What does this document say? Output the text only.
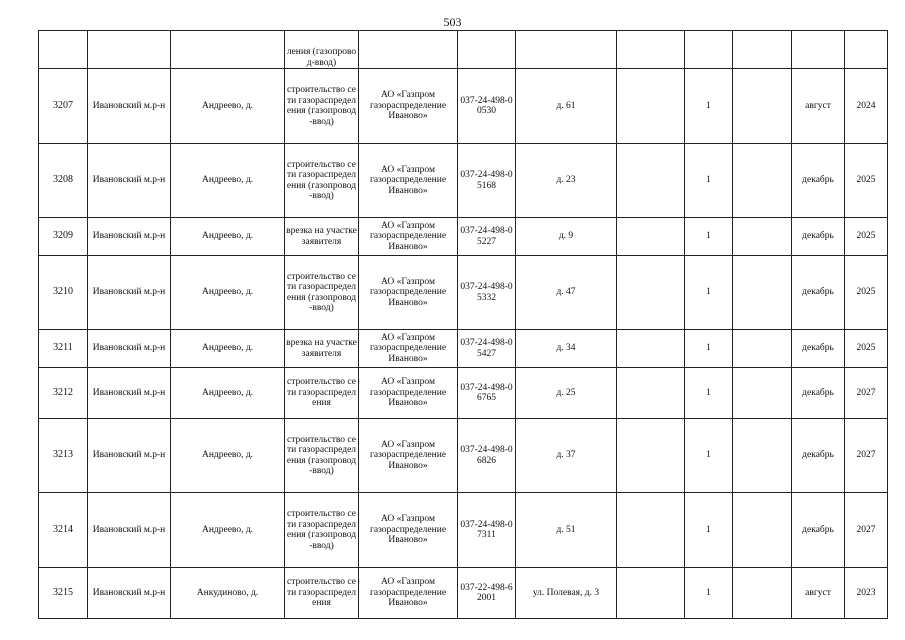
503
			ления (газопровод-ввод)								
3207	Ивановский м.р-н	Андреево, д.	строительство сети газораспределения (газопровод-ввод)	АО «Газпром газораспределение Иваново»	037-24-498-00530	д. 61		1		август	2024
3208	Ивановский м.р-н	Андреево, д.	строительство сети газораспределения (газопровод-ввод)	АО «Газпром газораспределение Иваново»	037-24-498-05168	д. 23		1		декабрь	2025
3209	Ивановский м.р-н	Андреево, д.	врезка на участке заявителя	АО «Газпром газораспределение Иваново»	037-24-498-05227	д. 9		1		декабрь	2025
3210	Ивановский м.р-н	Андреево, д.	строительство сети газораспределения (газопровод-ввод)	АО «Газпром газораспределение Иваново»	037-24-498-05332	д. 47		1		декабрь	2025
3211	Ивановский м.р-н	Андреево, д.	врезка на участке заявителя	АО «Газпром газораспределение Иваново»	037-24-498-05427	д. 34		1		декабрь	2025
3212	Ивановский м.р-н	Андреево, д.	строительство сети газораспределения	АО «Газпром газораспределение Иваново»	037-24-498-06765	д. 25		1		декабрь	2027
3213	Ивановский м.р-н	Андреево, д.	строительство сети газораспределения (газопровод-ввод)	АО «Газпром газораспределение Иваново»	037-24-498-06826	д. 37		1		декабрь	2027
3214	Ивановский м.р-н	Андреево, д.	строительство сети газораспределения (газопровод-ввод)	АО «Газпром газораспределение Иваново»	037-24-498-07311	д. 51		1		декабрь	2027
3215	Ивановский м.р-н	Анкудиново, д.	строительство сети газораспределения	АО «Газпром газораспределение Иваново»	037-22-498-62001	ул. Полевая, д. 3		1		август	2023
